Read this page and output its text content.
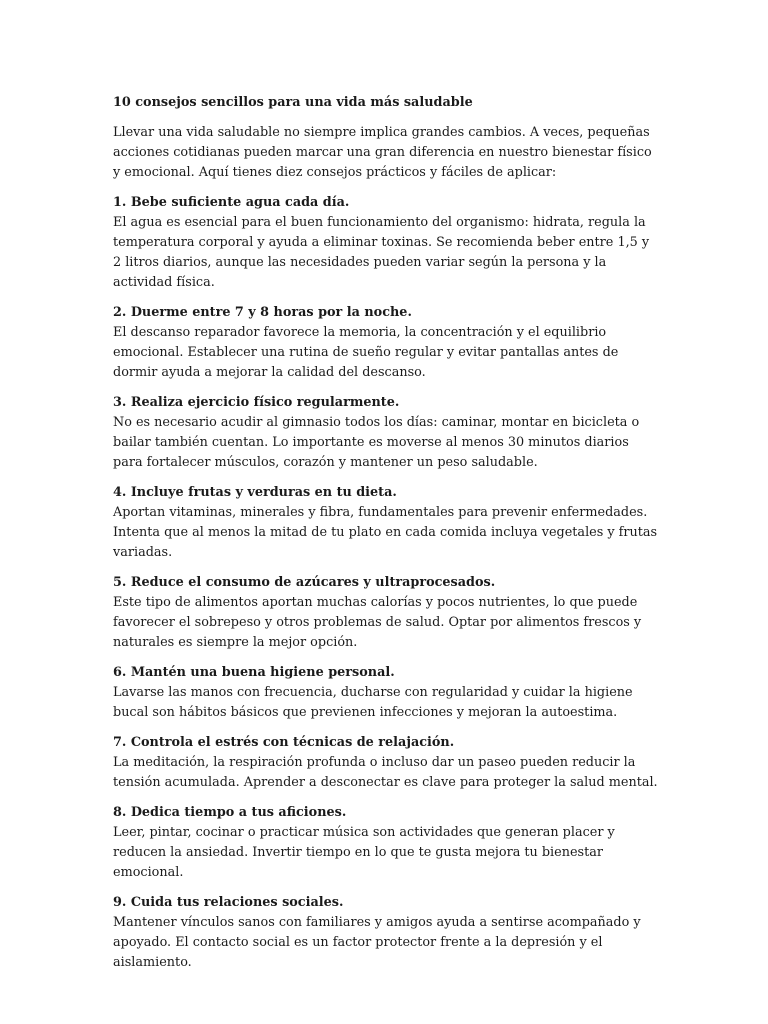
10 consejos sencillos para una vida más saludable
Llevar una vida saludable no siempre implica grandes cambios. A veces, pequeñas acciones cotidianas pueden marcar una gran diferencia en nuestro bienestar físico y emocional. Aquí tienes diez consejos prácticos y fáciles de aplicar:
1. Bebe suficiente agua cada día.
El agua es esencial para el buen funcionamiento del organismo: hidrata, regula la temperatura corporal y ayuda a eliminar toxinas. Se recomienda beber entre 1,5 y 2 litros diarios, aunque las necesidades pueden variar según la persona y la actividad física.
2. Duerme entre 7 y 8 horas por la noche.
El descanso reparador favorece la memoria, la concentración y el equilibrio emocional. Establecer una rutina de sueño regular y evitar pantallas antes de dormir ayuda a mejorar la calidad del descanso.
3. Realiza ejercicio físico regularmente.
No es necesario acudir al gimnasio todos los días: caminar, montar en bicicleta o bailar también cuentan. Lo importante es moverse al menos 30 minutos diarios para fortalecer músculos, corazón y mantener un peso saludable.
4. Incluye frutas y verduras en tu dieta.
Aportan vitaminas, minerales y fibra, fundamentales para prevenir enfermedades. Intenta que al menos la mitad de tu plato en cada comida incluya vegetales y frutas variadas.
5. Reduce el consumo de azúcares y ultraprocesados.
Este tipo de alimentos aportan muchas calorías y pocos nutrientes, lo que puede favorecer el sobrepeso y otros problemas de salud. Optar por alimentos frescos y naturales es siempre la mejor opción.
6. Mantén una buena higiene personal.
Lavarse las manos con frecuencia, ducharse con regularidad y cuidar la higiene bucal son hábitos básicos que previenen infecciones y mejoran la autoestima.
7. Controla el estrés con técnicas de relajación.
La meditación, la respiración profunda o incluso dar un paseo pueden reducir la tensión acumulada. Aprender a desconectar es clave para proteger la salud mental.
8. Dedica tiempo a tus aficiones.
Leer, pintar, cocinar o practicar música son actividades que generan placer y reducen la ansiedad. Invertir tiempo en lo que te gusta mejora tu bienestar emocional.
9. Cuida tus relaciones sociales.
Mantener vínculos sanos con familiares y amigos ayuda a sentirse acompañado y apoyado. El contacto social es un factor protector frente a la depresión y el aislamiento.
